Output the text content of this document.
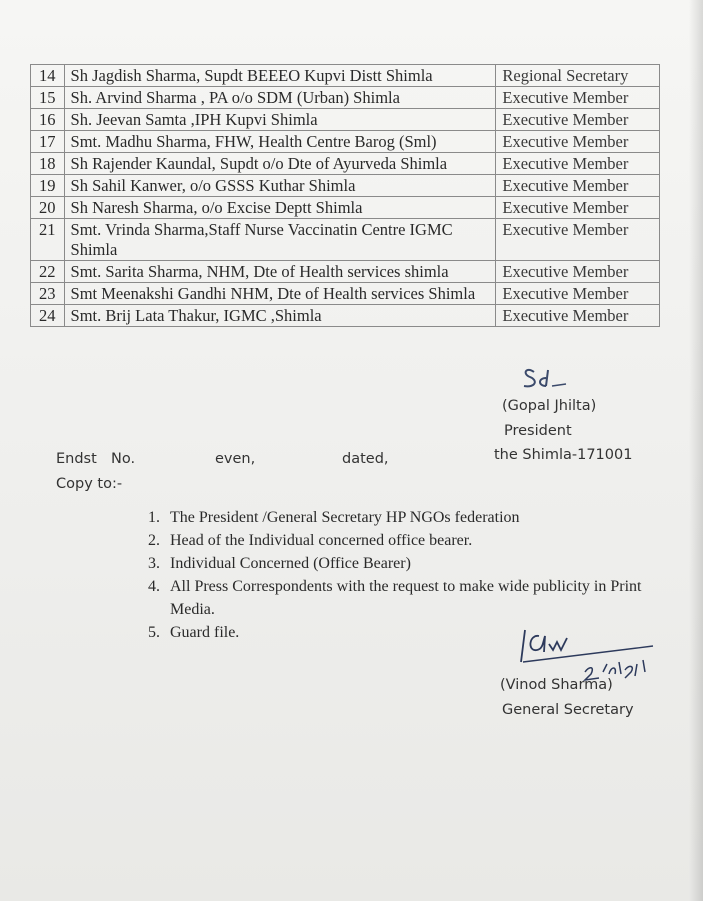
14	Sh Jagdish Sharma, Supdt BEEEO Kupvi Distt Shimla	Regional Secretary
15	Sh. Arvind Sharma , PA o/o SDM (Urban) Shimla	Executive Member
16	Sh. Jeevan Samta ,IPH Kupvi Shimla	Executive Member
17	Smt. Madhu Sharma, FHW, Health Centre Barog (Sml)	Executive Member
18	Sh Rajender Kaundal, Supdt o/o Dte of Ayurveda Shimla	Executive Member
19	Sh Sahil Kanwer, o/o GSSS Kuthar Shimla	Executive Member
20	Sh Naresh Sharma, o/o Excise Deptt Shimla	Executive Member
21	Smt. Vrinda Sharma,Staff Nurse Vaccinatin Centre IGMC Shimla	Executive Member
22	Smt. Sarita Sharma, NHM, Dte of Health services shimla	Executive Member
23	Smt Meenakshi Gandhi NHM, Dte of Health services Shimla	Executive Member
24	Smt. Brij Lata Thakur, IGMC ,Shimla	Executive Member
(Gopal Jhilta)
President
the Shimla-171001
Endst No.	even,	dated,
Copy to:-
1. The President /General Secretary HP NGOs federation
2. Head of the Individual concerned office bearer.
3. Individual Concerned (Office Bearer)
4. All Press Correspondents with the request to make wide publicity in Print Media.
5. Guard file.
(Vinod Sharma)
General Secretary
